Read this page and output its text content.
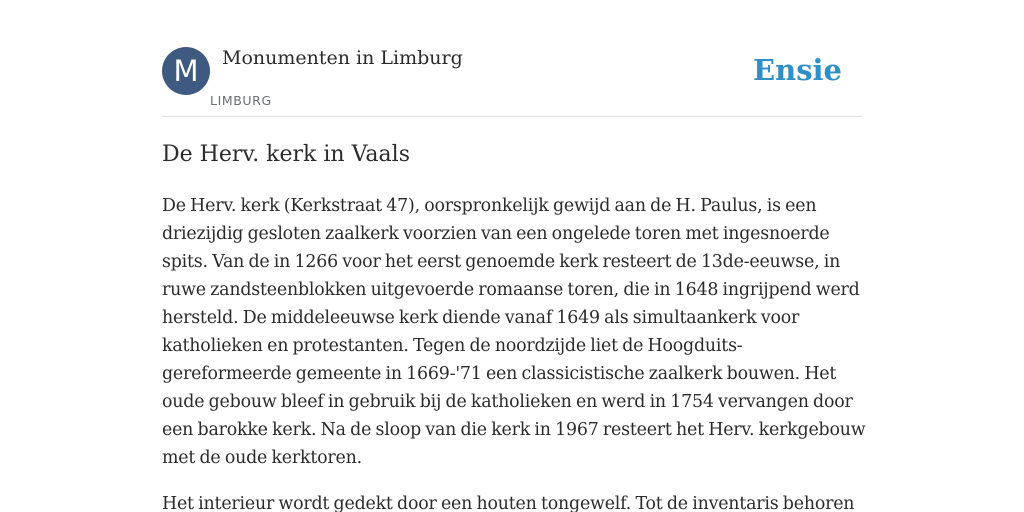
M	Monumenten in Limburg
LIMBURG
Ensie
De Herv. kerk in Vaals

De Herv. kerk (Kerkstraat 47), oorspronkelijk gewijd aan de H. Paulus, is een driezijdig gesloten zaalkerk voorzien van een ongelede toren met ingesnoerde spits. Van de in 1266 voor het eerst genoemde kerk resteert de 13de-eeuwse, in ruwe zandsteenblokken uitgevoerde romaanse toren, die in 1648 ingrijpend werd hersteld. De middeleeuwse kerk diende vanaf 1649 als simultaankerk voor katholieken en protestanten. Tegen de noordzijde liet de Hoogduits-gereformeerde gemeente in 1669-'71 een classicistische zaalkerk bouwen. Het oude gebouw bleef in gebruik bij de katholieken en werd in 1754 vervangen door een barokke kerk. Na de sloop van die kerk in 1967 resteert het Herv. kerkgebouw met de oude kerktoren.

Het interieur wordt gedekt door een houten tongewelf. Tot de inventaris behoren
